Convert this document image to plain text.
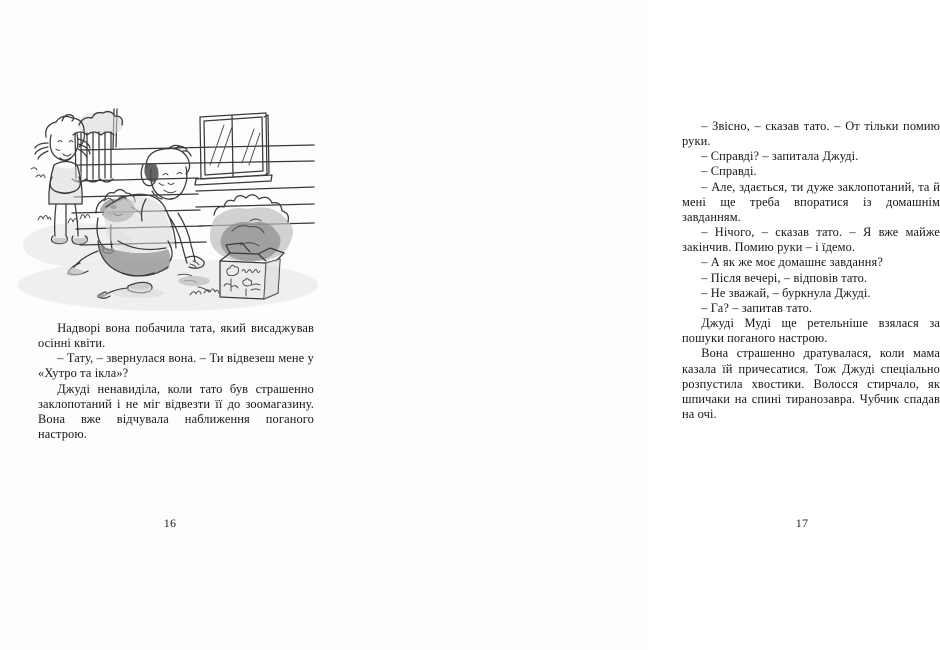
Надворі вона побачила тата, який висаджував осінні квіти.

– Тату, – звернулася вона. – Ти відвезеш мене у «Хутро та ікла»?

Джуді ненавиділа, коли тато був страшенно заклопотаний і не міг відвезти її до зоомагазину. Вона вже відчувала наближення поганого настрою.

16

– Звісно, – сказав тато. – От тільки помию руки.

– Справді? – запитала Джуді.

– Справді.

– Але, здається, ти дуже заклопотаний, та й мені ще треба впоратися із домашнім завданням.

– Нічого, – сказав тато. – Я вже майже закінчив. Помию руки – і їдемо.

– А як же моє домашнє завдання?

– Після вечері, – відповів тато.

– Не зважай, – буркнула Джуді.

– Га? – запитав тато.

Джуді Муді ще ретельніше взялася за пошуки поганого настрою.

Вона страшенно дратувалася, коли мама казала їй причесатися. Тож Джуді спеціально розпустила хвостики. Волосся стирчало, як шпичаки на спині тиранозавра. Чубчик спадав на очі.

17
